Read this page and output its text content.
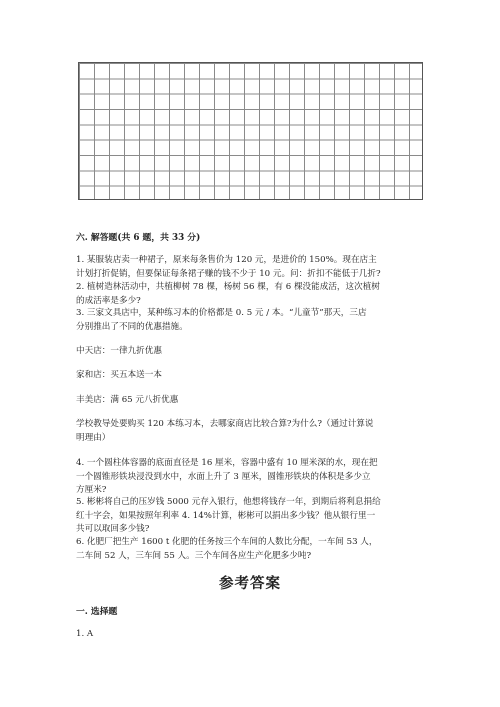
六. 解答题(共 6 题，共 33 分)
1. 某服装店卖一种裙子，原来每条售价为 120 元，是进价的 150%。现在店主
计划打折促销，但要保证每条裙子赚的钱不少于 10 元。问：折扣不能低于几折?
2. 植树造林活动中，共植柳树 78 棵，杨树 56 棵，有 6 棵没能成活，这次植树
的成活率是多少?
3. 三家文具店中，某种练习本的价格都是 0. 5 元 / 本。“儿童节”那天，三店
分别推出了不同的优惠措施。
中天店：一律九折优惠
家和店：买五本送一本
丰美店：满 65 元八折优惠
学校教导处要购买 120 本练习本，去哪家商店比较合算?为什么?（通过计算说
明理由）
4. 一个圆柱体容器的底面直径是 16 厘米，容器中盛有 10 厘米深的水，现在把
一个圆锥形铁块浸没到水中，水面上升了 3 厘米，圆锥形铁块的体积是多少立
方厘米?
5. 彬彬将自己的压岁钱 5000 元存入银行，他想将钱存一年，到期后将利息捐给
红十字会，如果按照年利率 4. 14%计算，彬彬可以捐出多少钱？他从银行里一
共可以取回多少钱?
6. 化肥厂把生产 1600 t 化肥的任务按三个车间的人数比分配，一车间 53 人，
二车间 52 人，三车间 55 人。三个车间各应生产化肥多少吨?
参考答案
一. 选择题
1. A
